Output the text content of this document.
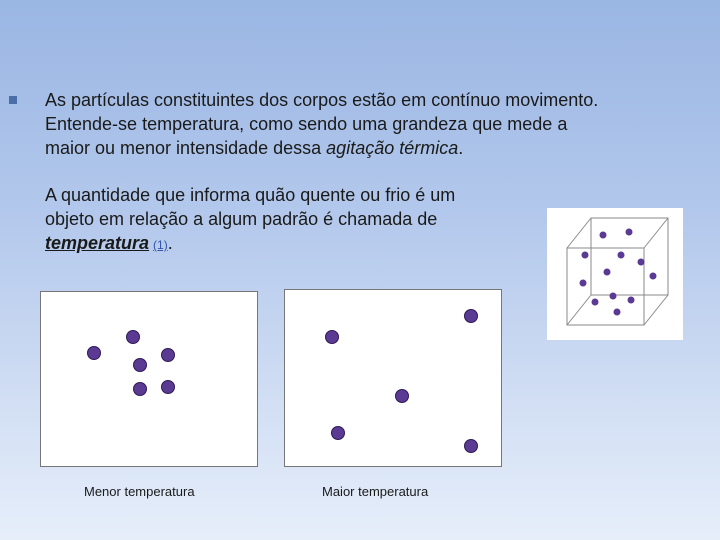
As partículas constituintes dos corpos estão em contínuo movimento.
Entende-se temperatura, como sendo uma grandeza que mede a
maior ou menor intensidade dessa agitação térmica.
A quantidade que informa quão quente ou frio é um
objeto em relação a algum padrão é chamada de
temperatura (1).
Menor temperatura	Maior temperatura
